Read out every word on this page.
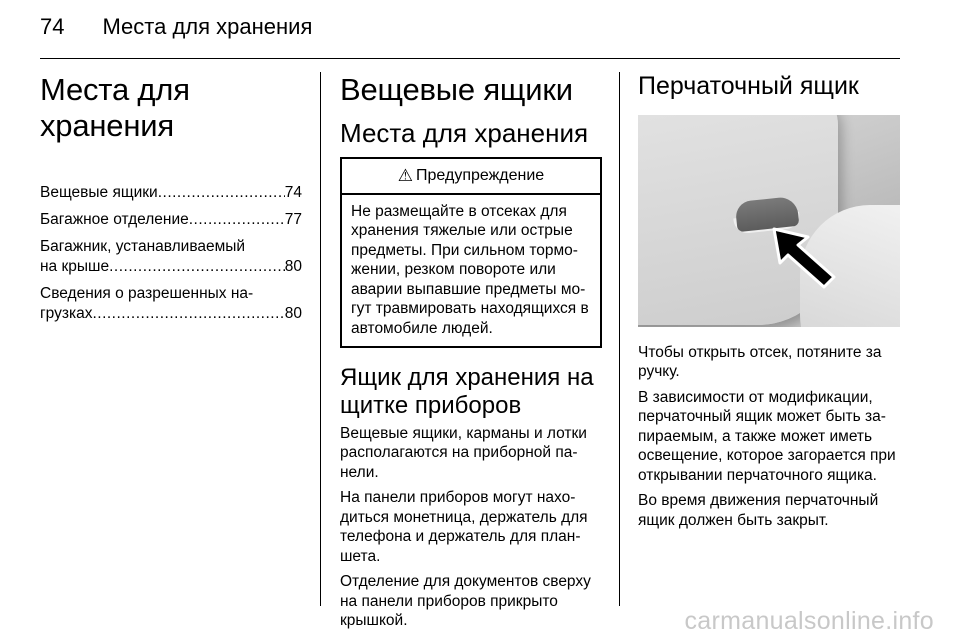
74 Места для хранения
Места для хранения
Вещевые ящики .....	74
Багажное отделение .....	77
Багажник, устанавливаемый
на крыше .....	80
Сведения о разрешенных на-
грузках .....	80
Вещевые ящики
Места для хранения
⚠ Предупреждение
Не размещайте в отсеках для хранения тяжелые или острые предметы. При сильном тормо-жении, резком повороте или аварии выпавшие предметы мо-гут травмировать находящихся в автомобиле людей.
Ящик для хранения на щитке приборов

Вещевые ящики, карманы и лотки располагаются на приборной па-нели.

На панели приборов могут нахо-диться монетница, держатель для телефона и держатель для план-шета.

Отделение для документов сверху на панели приборов прикрыто крышкой.

Перчаточный ящик

Чтобы открыть отсек, потяните за ручку.

В зависимости от модификации, перчаточный ящик может быть за-пираемым, а также может иметь освещение, которое загорается при открывании перчаточного ящика.

Во время движения перчаточный ящик должен быть закрыт.

carmanualsonline.info
